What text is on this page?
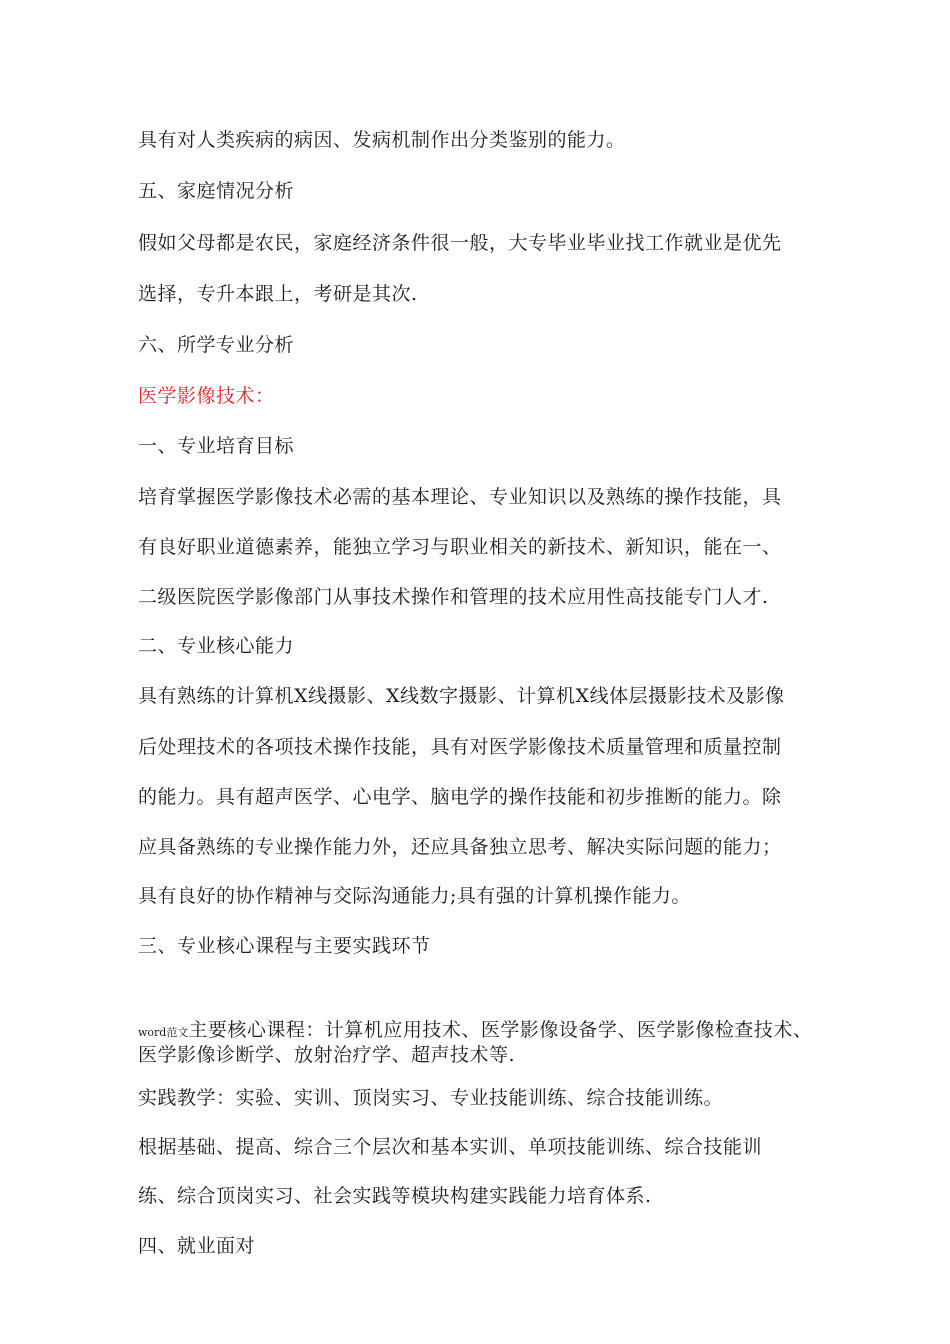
具有对人类疾病的病因、发病机制作出分类鉴别的能力。
五、家庭情况分析
假如父母都是农民，家庭经济条件很一般，大专毕业毕业找工作就业是优先
选择，专升本跟上，考研是其次.
六、所学专业分析
医学影像技术：
一、专业培育目标
培育掌握医学影像技术必需的基本理论、专业知识以及熟练的操作技能，具
有良好职业道德素养，能独立学习与职业相关的新技术、新知识，能在一、
二级医院医学影像部门从事技术操作和管理的技术应用性高技能专门人才.
二、专业核心能力
具有熟练的计算机X线摄影、X线数字摄影、计算机X线体层摄影技术及影像
后处理技术的各项技术操作技能，具有对医学影像技术质量管理和质量控制
的能力。具有超声医学、心电学、脑电学的操作技能和初步推断的能力。除
应具备熟练的专业操作能力外，还应具备独立思考、解决实际问题的能力；
具有良好的协作精神与交际沟通能力;具有强的计算机操作能力。
三、专业核心课程与主要实践环节
word范文主要核心课程：计算机应用技术、医学影像设备学、医学影像检查技术、医学影像诊断学、放射治疗学、超声技术等.
实践教学：实验、实训、顶岗实习、专业技能训练、综合技能训练。
根据基础、提高、综合三个层次和基本实训、单项技能训练、综合技能训
练、综合顶岗实习、社会实践等模块构建实践能力培育体系.
四、就业面对
